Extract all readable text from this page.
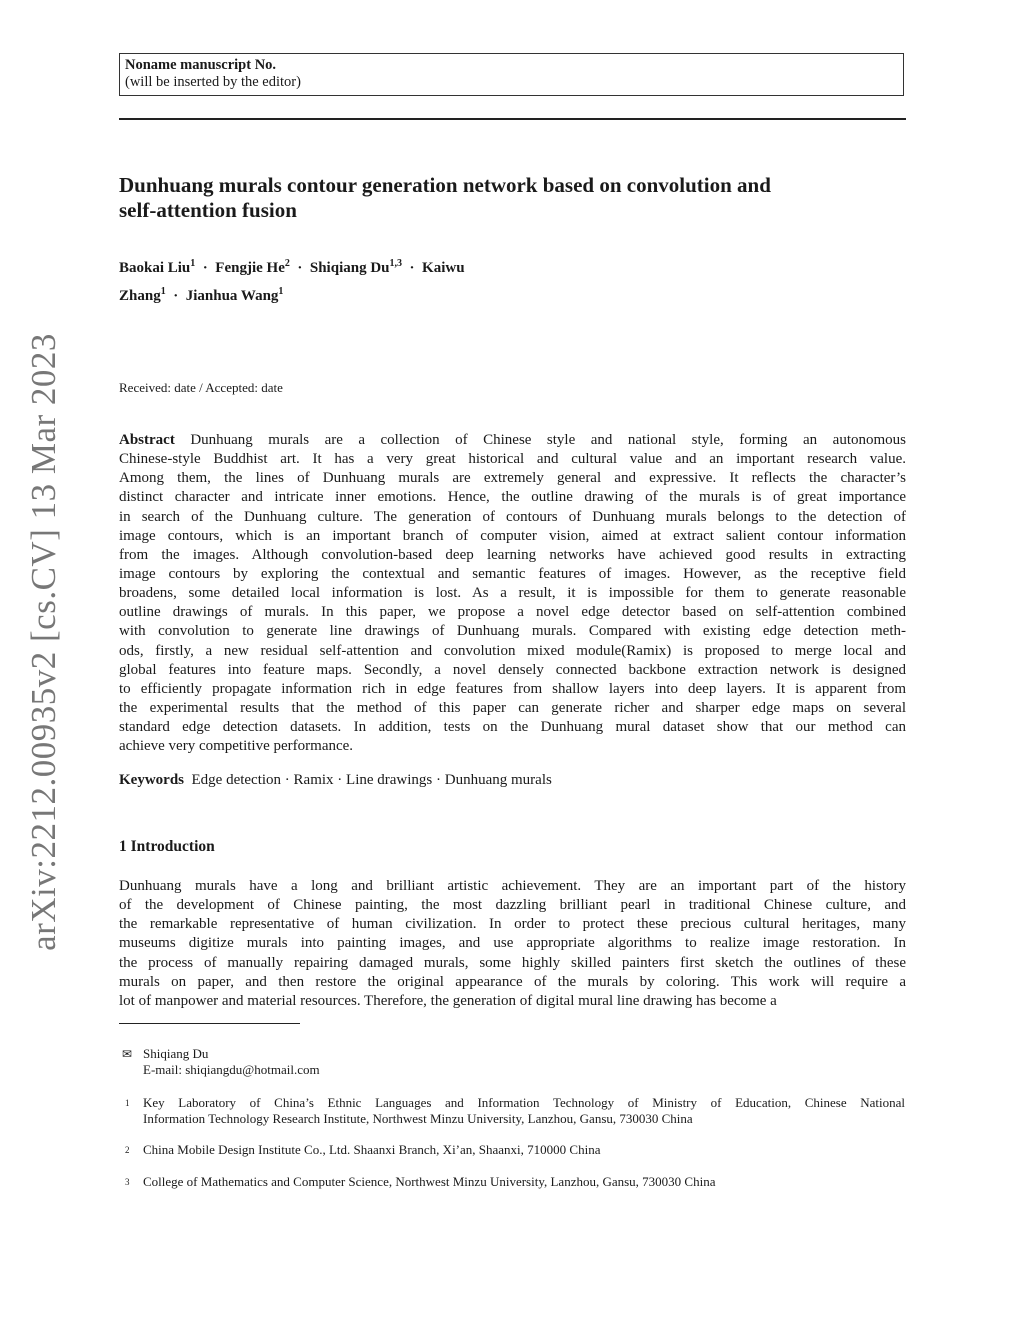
arXiv:2212.00935v2 [cs.CV] 13 Mar 2023
Noname manuscript No.
(will be inserted by the editor)
Dunhuang murals contour generation network based on convolution and
self-attention fusion
Baokai Liu$^1$  ·  Fengjie He$^2$  ·  Shiqiang Du$^{1,3}$  ·  Kaiwu
Zhang$^1$  ·  Jianhua Wang$^1$
Received: date / Accepted: date
Abstract Dunhuang murals are a collection of Chinese style and national style, forming an autonomous
Chinese-style Buddhist art. It has a very great historical and cultural value and an important research value.
Among them, the lines of Dunhuang murals are extremely general and expressive. It reflects the character’s
distinct character and intricate inner emotions. Hence, the outline drawing of the murals is of great importance
in search of the Dunhuang culture. The generation of contours of Dunhuang murals belongs to the detection of
image contours, which is an important branch of computer vision, aimed at extract salient contour information
from the images. Although convolution-based deep learning networks have achieved good results in extracting
image contours by exploring the contextual and semantic features of images. However, as the receptive field
broadens, some detailed local information is lost. As a result, it is impossible for them to generate reasonable
outline drawings of murals. In this paper, we propose a novel edge detector based on self-attention combined
with convolution to generate line drawings of Dunhuang murals. Compared with existing edge detection meth-
ods, firstly, a new residual self-attention and convolution mixed module(Ramix) is proposed to merge local and
global features into feature maps. Secondly, a novel densely connected backbone extraction network is designed
to efficiently propagate information rich in edge features from shallow layers into deep layers. It is apparent from
the experimental results that the method of this paper can generate richer and sharper edge maps on several
standard edge detection datasets. In addition, tests on the Dunhuang mural dataset show that our method can
achieve very competitive performance.
Keywords Edge detection · Ramix · Line drawings · Dunhuang murals
1 Introduction
Dunhuang murals have a long and brilliant artistic achievement. They are an important part of the history
of the development of Chinese painting, the most dazzling brilliant pearl in traditional Chinese culture, and
the remarkable representative of human civilization. In order to protect these precious cultural heritages, many
museums digitize murals into painting images, and use appropriate algorithms to realize image restoration. In
the process of manually repairing damaged murals, some highly skilled painters first sketch the outlines of these
murals on paper, and then restore the original appearance of the murals by coloring. This work will require a
lot of manpower and material resources. Therefore, the generation of digital mural line drawing has become a
✉ Shiqiang Du
E-mail: shiqiangdu@hotmail.com
1 Key Laboratory of China’s Ethnic Languages and Information Technology of Ministry of Education, Chinese National
Information Technology Research Institute, Northwest Minzu University, Lanzhou, Gansu, 730030 China
2 China Mobile Design Institute Co., Ltd. Shaanxi Branch, Xi’an, Shaanxi, 710000 China
3 College of Mathematics and Computer Science, Northwest Minzu University, Lanzhou, Gansu, 730030 China
